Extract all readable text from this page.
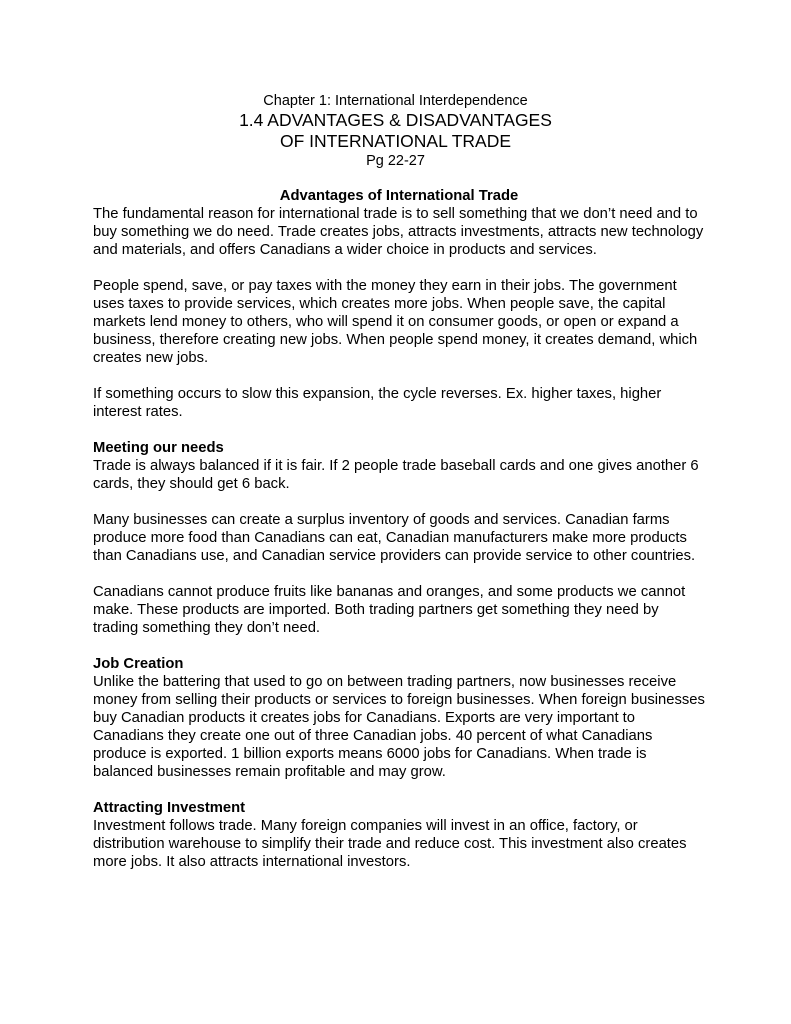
Chapter 1: International Interdependence
1.4 ADVANTAGES & DISADVANTAGES
OF INTERNATIONAL TRADE
Pg 22-27

Advantages of International Trade

The fundamental reason for international trade is to sell something that we don’t need and to buy something we do need. Trade creates jobs, attracts investments, attracts new technology and materials, and offers Canadians a wider choice in products and services.

People spend, save, or pay taxes with the money they earn in their jobs. The government uses taxes to provide services, which creates more jobs. When people save, the capital markets lend money to others, who will spend it on consumer goods, or open or expand a business, therefore creating new jobs. When people spend money, it creates demand, which creates new jobs.

If something occurs to slow this expansion, the cycle reverses. Ex. higher taxes, higher interest rates.

Meeting our needs

Trade is always balanced if it is fair. If 2 people trade baseball cards and one gives another 6 cards, they should get 6 back.

Many businesses can create a surplus inventory of goods and services. Canadian farms produce more food than Canadians can eat, Canadian manufacturers make more products than Canadians use, and Canadian service providers can provide service to other countries.

Canadians cannot produce fruits like bananas and oranges, and some products we cannot make. These products are imported. Both trading partners get something they need by trading something they don’t need.

Job Creation

Unlike the battering that used to go on between trading partners, now businesses receive money from selling their products or services to foreign businesses. When foreign businesses buy Canadian products it creates jobs for Canadians. Exports are very important to Canadians they create one out of three Canadian jobs. 40 percent of what Canadians produce is exported. 1 billion exports means 6000 jobs for Canadians. When trade is balanced businesses remain profitable and may grow.

Attracting Investment

Investment follows trade. Many foreign companies will invest in an office, factory, or distribution warehouse to simplify their trade and reduce cost. This investment also creates more jobs. It also attracts international investors.
